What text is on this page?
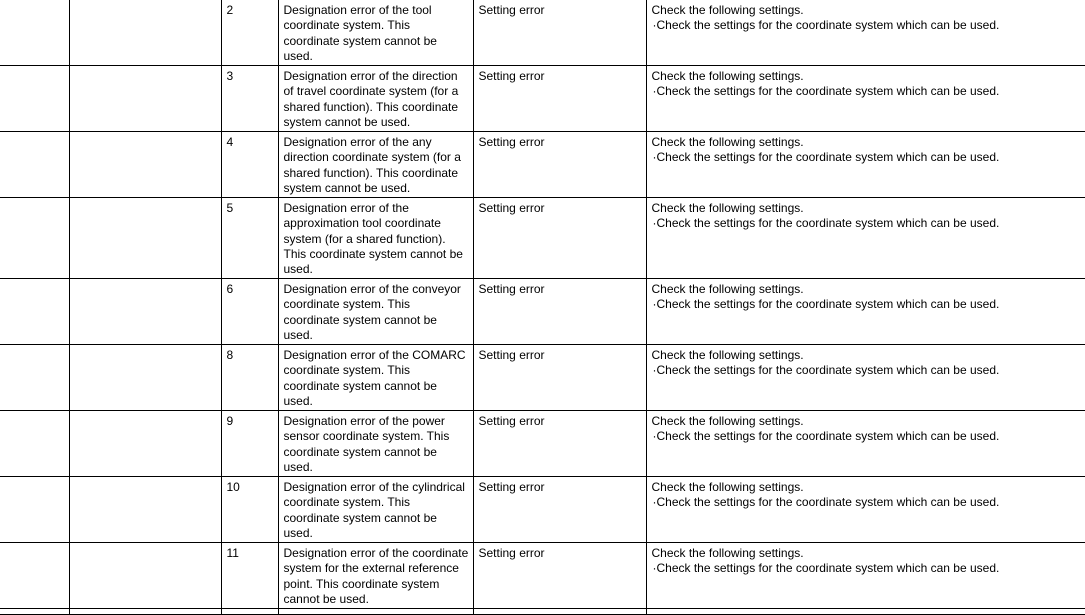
		2	Designation error of the tool coordinate system. This coordinate system cannot be used.	Setting error	Check the following settings.
·Check the settings for the coordinate system which can be used.

		3	Designation error of the direction of travel coordinate system (for a shared function). This coordinate system cannot be used.	Setting error	Check the following settings.
·Check the settings for the coordinate system which can be used.

		4	Designation error of the any direction coordinate system (for a shared function). This coordinate system cannot be used.	Setting error	Check the following settings.
·Check the settings for the coordinate system which can be used.

		5	Designation error of the approximation tool coordinate system (for a shared function). This coordinate system cannot be used.	Setting error	Check the following settings.
·Check the settings for the coordinate system which can be used.

		6	Designation error of the conveyor coordinate system. This coordinate system cannot be used.	Setting error	Check the following settings.
·Check the settings for the coordinate system which can be used.

		8	Designation error of the COMARC coordinate system. This coordinate system cannot be used.	Setting error	Check the following settings.
·Check the settings for the coordinate system which can be used.

		9	Designation error of the power sensor coordinate system. This coordinate system cannot be used.	Setting error	Check the following settings.
·Check the settings for the coordinate system which can be used.

		10	Designation error of the cylindrical coordinate system. This coordinate system cannot be used.	Setting error	Check the following settings.
·Check the settings for the coordinate system which can be used.

		11	Designation error of the coordinate system for the external reference point. This coordinate system cannot be used.	Setting error	Check the following settings.
·Check the settings for the coordinate system which can be used.
